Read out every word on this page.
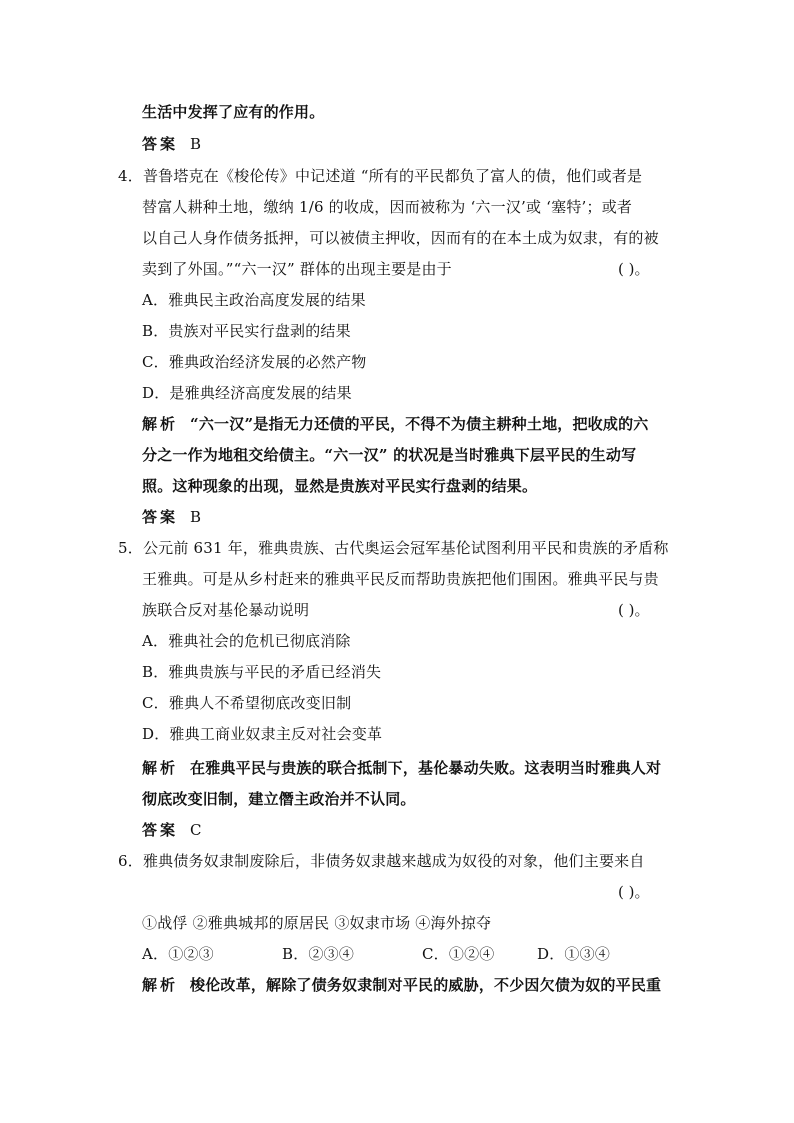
生活中发挥了应有的作用。
答案 B
4．普鲁塔克在《梭伦传》中记述道 “所有的平民都负了富人的债，他们或者是
替富人耕种土地，缴纳 1/6 的收成，因而被称为 ‘六一汉’或 ‘塞特’；或者
以自己人身作债务抵押，可以被债主押收，因而有的在本土成为奴隶，有的被
卖到了外国。”“六一汉” 群体的出现主要是由于	( )。
A．雅典民主政治高度发展的结果
B．贵族对平民实行盘剥的结果
C．雅典政治经济发展的必然产物
D．是雅典经济高度发展的结果
解析 “六一汉”是指无力还债的平民，不得不为债主耕种土地，把收成的六
分之一作为地租交给债主。“六一汉” 的状况是当时雅典下层平民的生动写
照。这种现象的出现，显然是贵族对平民实行盘剥的结果。
答案 B
5．公元前 631 年，雅典贵族、古代奥运会冠军基伦试图利用平民和贵族的矛盾称
王雅典。可是从乡村赶来的雅典平民反而帮助贵族把他们围困。雅典平民与贵
族联合反对基伦暴动说明	( )。
A．雅典社会的危机已彻底消除
B．雅典贵族与平民的矛盾已经消失
C．雅典人不希望彻底改变旧制
D．雅典工商业奴隶主反对社会变革
解析 在雅典平民与贵族的联合抵制下，基伦暴动失败。这表明当时雅典人对
彻底改变旧制，建立僭主政治并不认同。
答案 C
6．雅典债务奴隶制废除后，非债务奴隶越来越成为奴役的对象，他们主要来自
( )。
①战俘 ②雅典城邦的原居民 ③奴隶市场 ④海外掠夺
A．①②③	B．②③④	C．①②④	D．①③④
解析 梭伦改革，解除了债务奴隶制对平民的威胁，不少因欠债为奴的平民重
